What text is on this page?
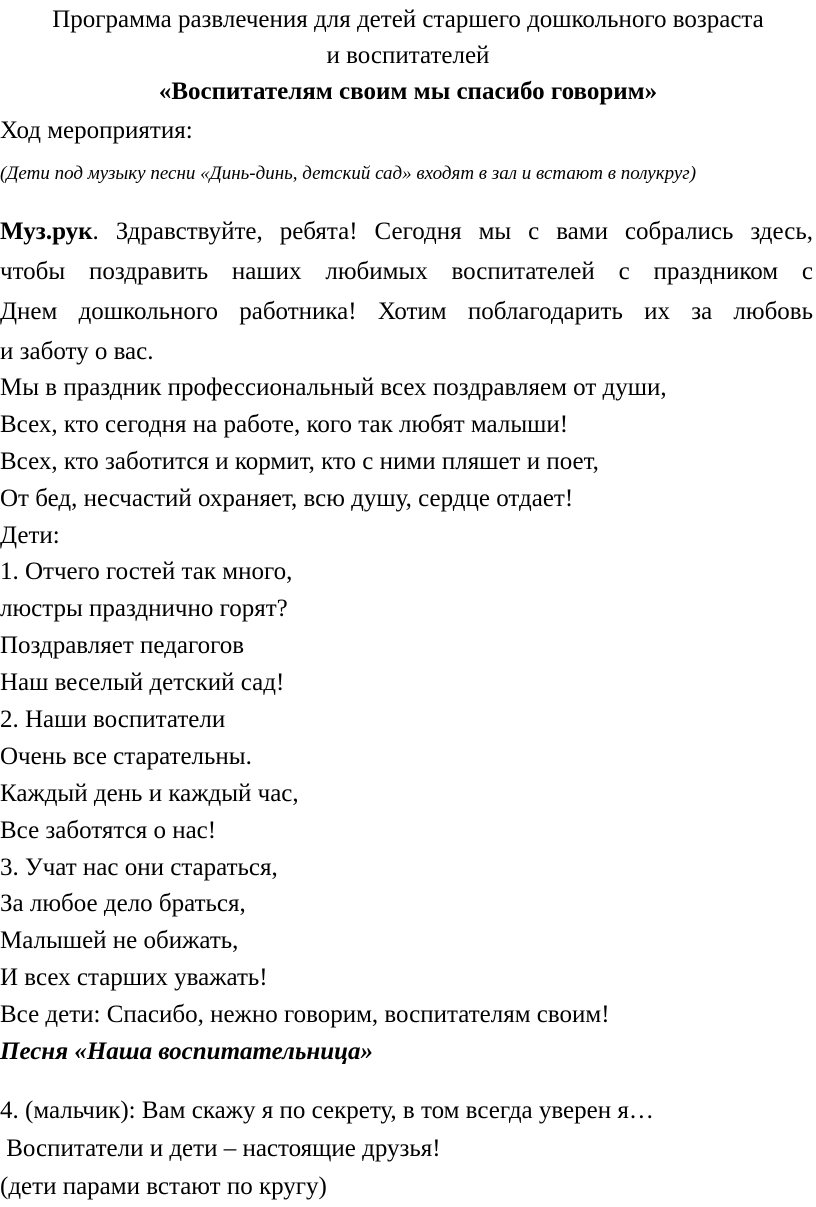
Программа развлечения для детей старшего дошкольного возраста
и воспитателей
«Воспитателям своим мы спасибо говорим»
Ход мероприятия:
(Дети под музыку песни «Динь-динь, детский сад» входят в зал и встают в полукруг)
Муз.рук. Здравствуйте, ребята! Сегодня мы с вами собрались здесь,
чтобы поздравить наших любимых воспитателей с праздником с
Днем дошкольного работника! Хотим поблагодарить их за любовь
и заботу о вас.
Мы в праздник профессиональный всех поздравляем от души,
Всех, кто сегодня на работе, кого так любят малыши!
Всех, кто заботится и кормит, кто с ними пляшет и поет,
От бед, несчастий охраняет, всю душу, сердце отдает!
Дети:
1. Отчего гостей так много,
люстры празднично горят?
Поздравляет педагогов
Наш веселый детский сад!
2. Наши воспитатели
Очень все старательны.
Каждый день и каждый час,
Все заботятся о нас!
3. Учат нас они стараться,
За любое дело браться,
Малышей не обижать,
И всех старших уважать!
Все дети: Спасибо, нежно говорим, воспитателям своим!
Песня «Наша воспитательница»
4. (мальчик): Вам скажу я по секрету, в том всегда уверен я…
Воспитатели и дети – настоящие друзья!
(дети парами встают по кругу)
